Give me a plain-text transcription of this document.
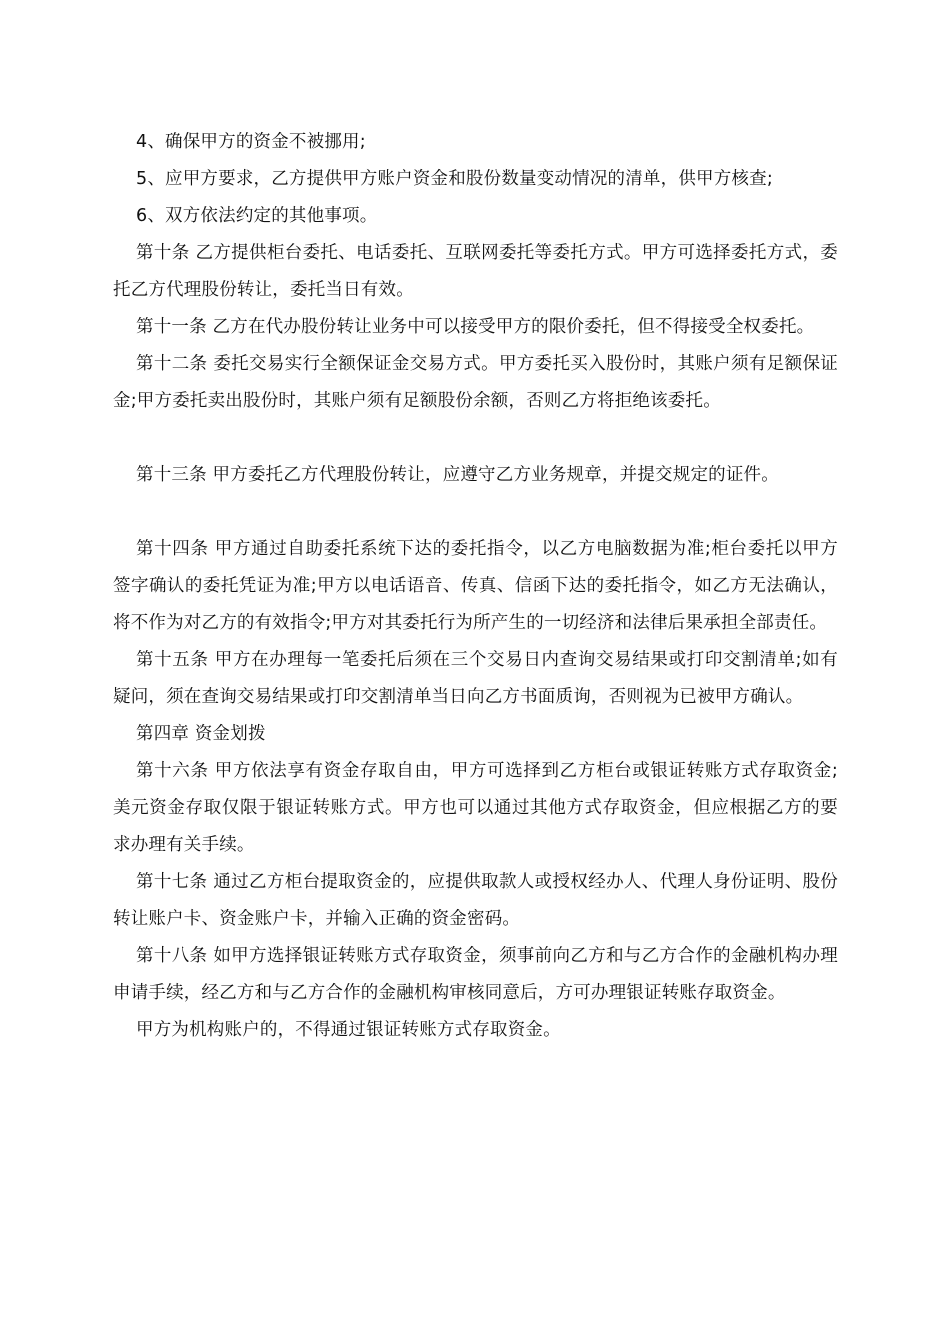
4、确保甲方的资金不被挪用;

5、应甲方要求，乙方提供甲方账户资金和股份数量变动情况的清单，供甲方核查;

6、双方依法约定的其他事项。

第十条 乙方提供柜台委托、电话委托、互联网委托等委托方式。甲方可选择委托方式，委托乙方代理股份转让，委托当日有效。

第十一条 乙方在代办股份转让业务中可以接受甲方的限价委托，但不得接受全权委托。

第十二条 委托交易实行全额保证金交易方式。甲方委托买入股份时，其账户须有足额保证金;甲方委托卖出股份时，其账户须有足额股份余额，否则乙方将拒绝该委托。

第十三条 甲方委托乙方代理股份转让，应遵守乙方业务规章，并提交规定的证件。

第十四条 甲方通过自助委托系统下达的委托指令，以乙方电脑数据为准;柜台委托以甲方签字确认的委托凭证为准;甲方以电话语音、传真、信函下达的委托指令，如乙方无法确认，将不作为对乙方的有效指令;甲方对其委托行为所产生的一切经济和法律后果承担全部责任。

第十五条 甲方在办理每一笔委托后须在三个交易日内查询交易结果或打印交割清单;如有疑问，须在查询交易结果或打印交割清单当日向乙方书面质询，否则视为已被甲方确认。

第四章 资金划拨

第十六条 甲方依法享有资金存取自由，甲方可选择到乙方柜台或银证转账方式存取资金;美元资金存取仅限于银证转账方式。甲方也可以通过其他方式存取资金，但应根据乙方的要求办理有关手续。

第十七条 通过乙方柜台提取资金的，应提供取款人或授权经办人、代理人身份证明、股份转让账户卡、资金账户卡，并输入正确的资金密码。

第十八条 如甲方选择银证转账方式存取资金，须事前向乙方和与乙方合作的金融机构办理申请手续，经乙方和与乙方合作的金融机构审核同意后，方可办理银证转账存取资金。

甲方为机构账户的，不得通过银证转账方式存取资金。
